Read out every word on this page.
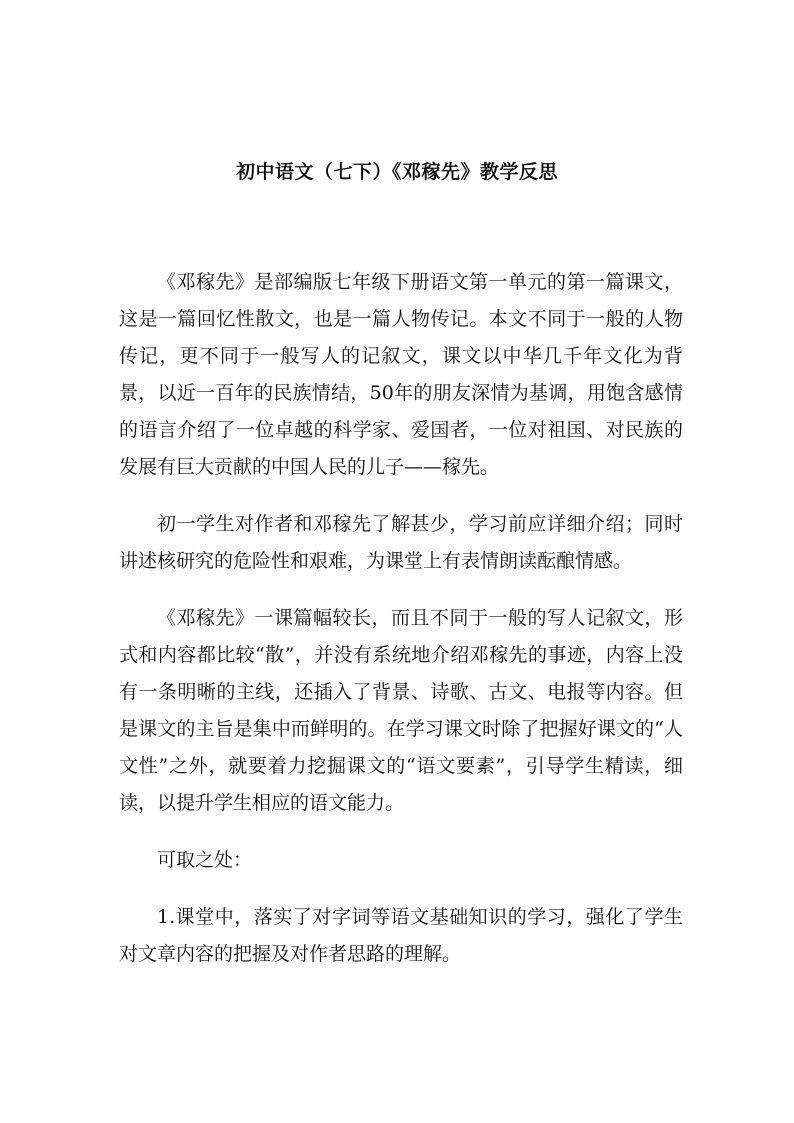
初中语文（七下）《邓稼先》教学反思

《邓稼先》是部编版七年级下册语文第一单元的第一篇课文，这是一篇回忆性散文，也是一篇人物传记。本文不同于一般的人物传记，更不同于一般写人的记叙文，课文以中华几千年文化为背景，以近一百年的民族情结，50年的朋友深情为基调，用饱含感情的语言介绍了一位卓越的科学家、爱国者，一位对祖国、对民族的发展有巨大贡献的中国人民的儿子——稼先。

初一学生对作者和邓稼先了解甚少，学习前应详细介绍；同时讲述核研究的危险性和艰难，为课堂上有表情朗读酝酿情感。

《邓稼先》一课篇幅较长，而且不同于一般的写人记叙文，形式和内容都比较“散”，并没有系统地介绍邓稼先的事迹，内容上没有一条明晰的主线，还插入了背景、诗歌、古文、电报等内容。但是课文的主旨是集中而鲜明的。在学习课文时除了把握好课文的“人文性”之外，就要着力挖掘课文的“语文要素”，引导学生精读，细读，以提升学生相应的语文能力。

可取之处：

1.课堂中，落实了对字词等语文基础知识的学习，强化了学生对文章内容的把握及对作者思路的理解。
